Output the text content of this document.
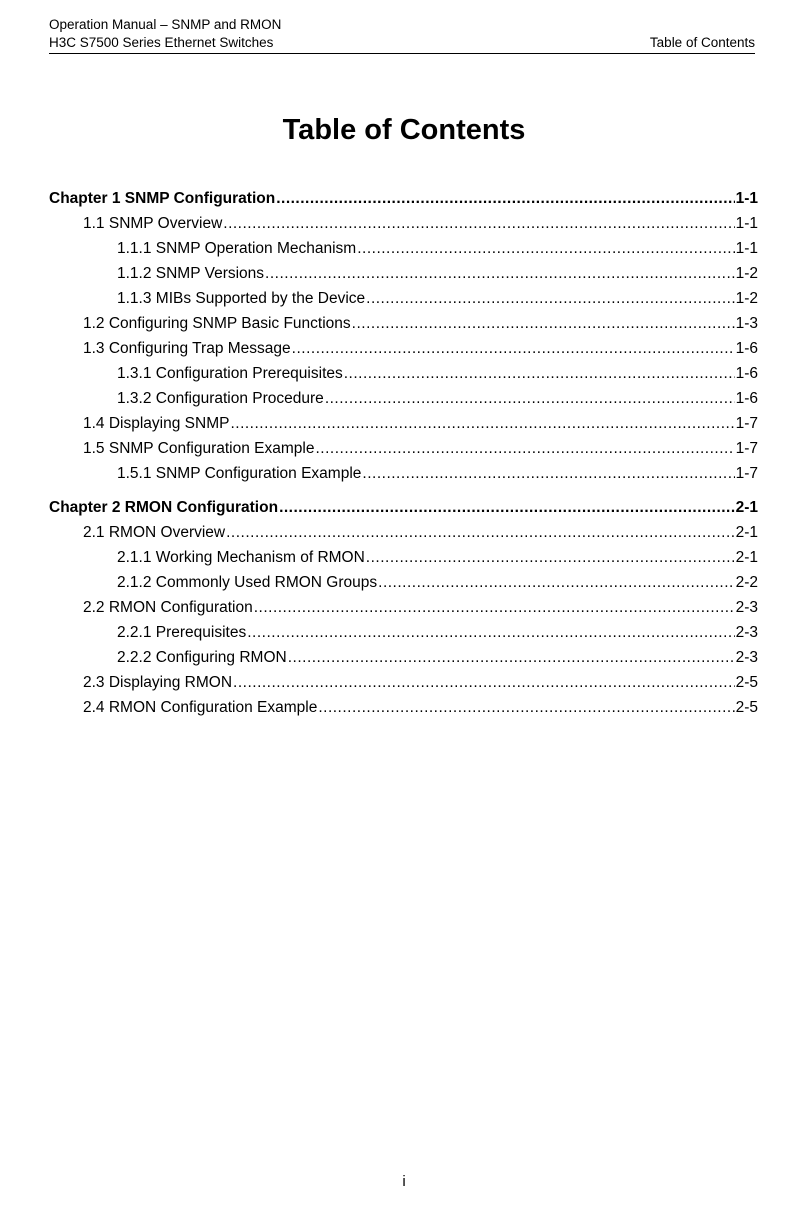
Operation Manual – SNMP and RMON
H3C S7500 Series Ethernet Switches	Table of Contents
Table of Contents
Chapter 1 SNMP Configuration .....	1-1
1.1 SNMP Overview .....	1-1
1.1.1 SNMP Operation Mechanism .....	1-1
1.1.2 SNMP Versions .....	1-2
1.1.3 MIBs Supported by the Device .....	1-2
1.2 Configuring SNMP Basic Functions .....	1-3
1.3 Configuring Trap Message .....	1-6
1.3.1 Configuration Prerequisites .....	1-6
1.3.2 Configuration Procedure .....	1-6
1.4 Displaying SNMP .....	1-7
1.5 SNMP Configuration Example .....	1-7
1.5.1 SNMP Configuration Example .....	1-7
Chapter 2 RMON Configuration .....	2-1
2.1 RMON Overview .....	2-1
2.1.1 Working Mechanism of RMON .....	2-1
2.1.2 Commonly Used RMON Groups .....	2-2
2.2 RMON Configuration .....	2-3
2.2.1 Prerequisites .....	2-3
2.2.2 Configuring RMON .....	2-3
2.3 Displaying RMON .....	2-5
2.4 RMON Configuration Example .....	2-5
i
